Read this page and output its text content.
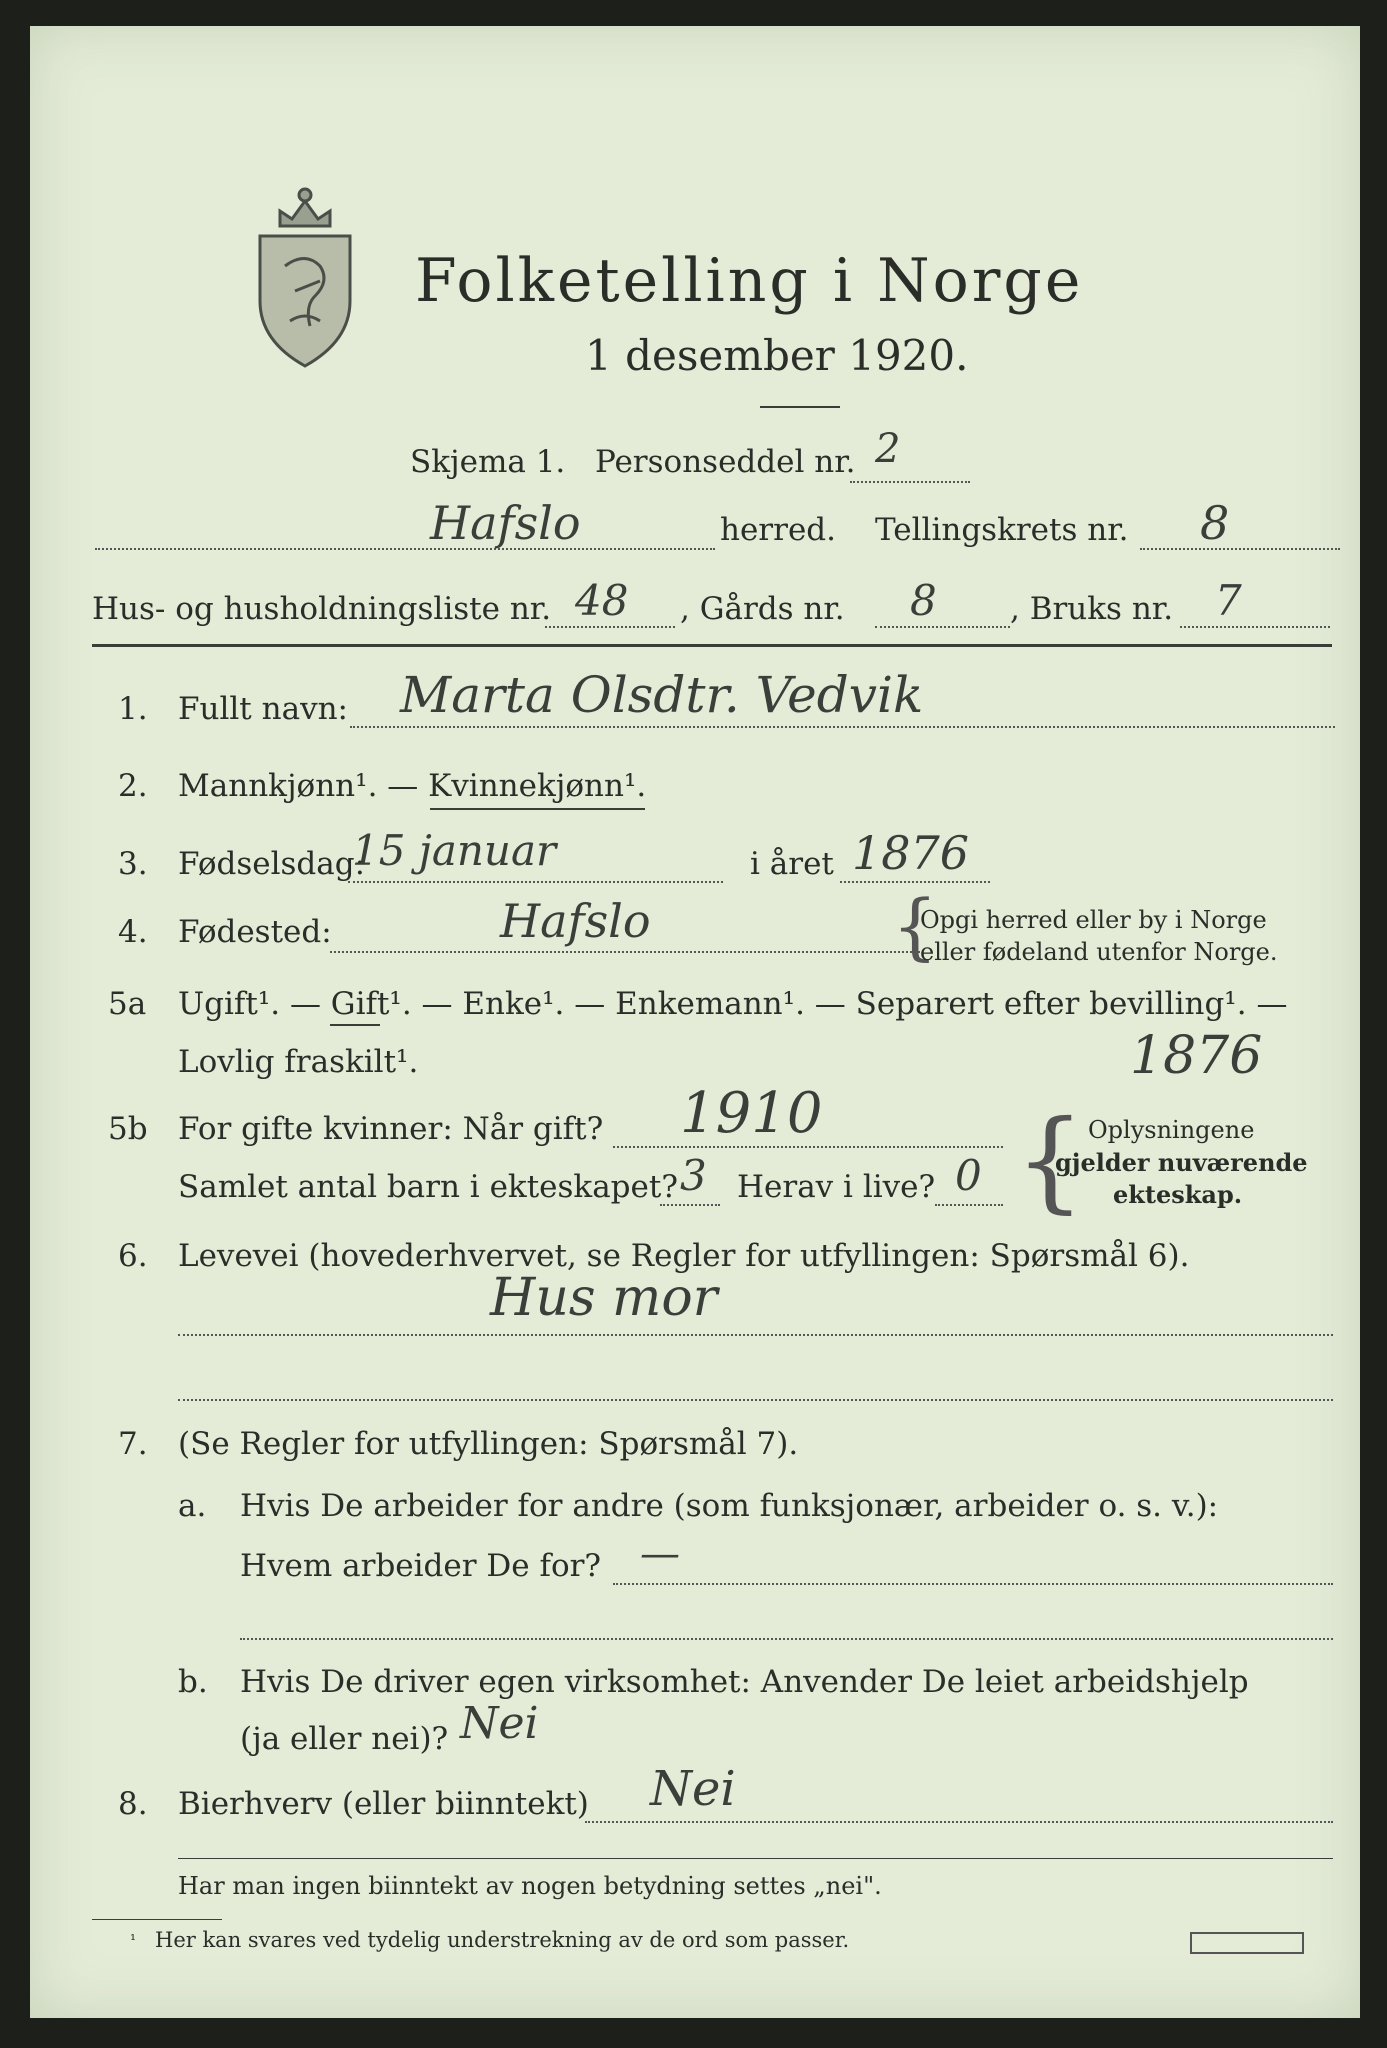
Folketelling i Norge
1 desember 1920.
Skjema 1. Personseddel nr. 2
Hafslo	herred. Tellingskrets nr. 8
Hus- og husholdningsliste nr. 48 , Gårds nr. 8 , Bruks nr. 7
1. Fullt navn: Marta Olsdtr. Vedvik
2. Mannkjønn¹. — Kvinnekjønn¹.
3. Fødselsdag:
15 januar	i året 1876
4. Fødested:	Hafslo	{
Opgi herred eller by i Norge
eller fødeland utenfor Norge.
5a Ugift¹. — Gift¹. — Enke¹. — Enkemann¹. — Separert efter bevilling¹. —
Lovlig fraskilt¹.	1876
5b For gifte kvinner: Når gift? 1910
Samlet antal barn i ekteskapet? 3 Herav i live? 0 { Oplysningene
gjelder nuværende
ekteskap.
6. Levevei (hovederhvervet, se Regler for utfyllingen: Spørsmål 6).
Hus mor
7. (Se Regler for utfyllingen: Spørsmål 7).
a. Hvis De arbeider for andre (som funksjonær, arbeider o. s. v.):
Hvem arbeider De for? —
b. Hvis De driver egen virksomhet: Anvender De leiet arbeidshjelp
(ja eller nei)? Nei
8. Bierhverv (eller biinntekt) Nei
Har man ingen biinntekt av nogen betydning settes „nei".
¹ Her kan svares ved tydelig understrekning av de ord som passer.
